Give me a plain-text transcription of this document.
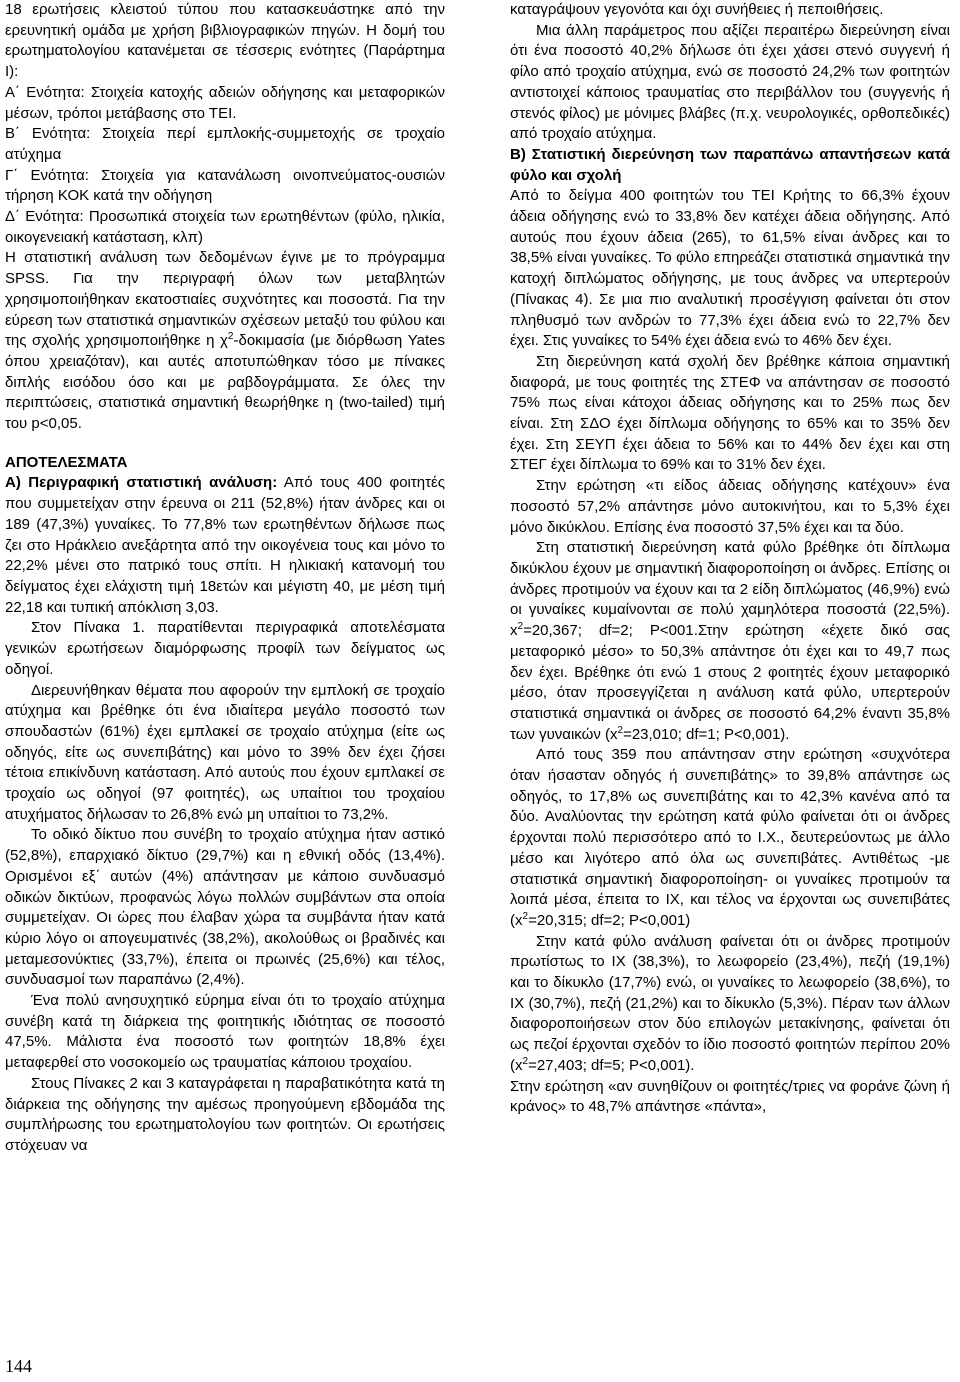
18 ερωτήσεις κλειστού τύπου που κατασκευάστηκε από την ερευνητική ομάδα με χρήση βιβλιογραφικών πηγών. Η δομή του ερωτηματολογίου κατανέμεται σε τέσσερις ενότητες (Παράρτημα Ι):

Α΄ Ενότητα: Στοιχεία κατοχής αδειών οδήγησης και μεταφορικών μέσων, τρόποι μετάβασης στο ΤΕΙ.

Β΄ Ενότητα: Στοιχεία περί εμπλοκής-συμμετοχής σε τροχαίο ατύχημα

Γ΄ Ενότητα: Στοιχεία για κατανάλωση οινοπνεύματος-ουσιών τήρηση ΚΟΚ κατά την οδήγηση

Δ΄ Ενότητα: Προσωπικά στοιχεία των ερωτηθέντων (φύλο, ηλικία, οικογενειακή κατάσταση, κλπ)

Η στατιστική ανάλυση των δεδομένων έγινε με το πρόγραμμα SPSS. Για την περιγραφή όλων των μεταβλητών χρησιμοποιήθηκαν εκατοστιαίες συχνότητες και ποσοστά. Για την εύρεση των στατιστικά σημαντικών σχέσεων μεταξύ του φύλου και της σχολής χρησιμοποιήθηκε η $\chi^2$-δοκιμασία (με διόρθωση Yates όπου χρειαζόταν), και αυτές αποτυπώθηκαν τόσο με πίνακες διπλής εισόδου όσο και με ραβδογράμματα. Σε όλες την περιπτώσεις, στατιστικά σημαντική θεωρήθηκε η (two-tailed) τιμή του p<0,05.

ΑΠΟΤΕΛΕΣΜΑΤΑ

Α) Περιγραφική στατιστική ανάλυση: Από τους 400 φοιτητές που συμμετείχαν στην έρευνα οι 211 (52,8%) ήταν άνδρες και οι 189 (47,3%) γυναίκες. Το 77,8% των ερωτηθέντων δήλωσε πως ζει στο Ηράκλειο ανεξάρτητα από την οικογένεια τους και μόνο το 22,2% μένει στο πατρικό τους σπίτι. Η ηλικιακή κατανομή του δείγματος έχει ελάχιστη τιμή 18ετών και μέγιστη 40, με μέση τιμή 22,18 και τυπική απόκλιση 3,03.

Στον Πίνακα 1. παρατίθενται περιγραφικά αποτελέσματα γενικών ερωτήσεων διαμόρφωσης προφίλ των δείγματος ως οδηγοί.

Διερευνήθηκαν θέματα που αφορούν την εμπλοκή σε τροχαίο ατύχημα και βρέθηκε ότι ένα ιδιαίτερα μεγάλο ποσοστό των σπουδαστών (61%) έχει εμπλακεί σε τροχαίο ατύχημα (είτε ως οδηγός, είτε ως συνεπιβάτης) και μόνο το 39% δεν έχει ζήσει τέτοια επικίνδυνη κατάσταση. Από αυτούς που έχουν εμπλακεί σε τροχαίο ως οδηγοί (97 φοιτητές), ως υπαίτιοι του τροχαίου ατυχήματος δήλωσαν το 26,8% ενώ μη υπαίτιοι το 73,2%.

Το οδικό δίκτυο που συνέβη το τροχαίο ατύχημα ήταν αστικό (52,8%), επαρχιακό δίκτυο (29,7%) και η εθνική οδός (13,4%). Ορισμένοι εξ΄ αυτών (4%) απάντησαν με κάποιο συνδυασμό οδικών δικτύων, προφανώς λόγω πολλών συμβάντων στα οποία συμμετείχαν. Οι ώρες που έλαβαν χώρα τα συμβάντα ήταν κατά κύριο λόγο οι απογευματινές (38,2%), ακολούθως οι βραδινές και μεταμεσονύκτιες (33,7%), έπειτα οι πρωινές (25,6%) και τέλος, συνδυασμοί των παραπάνω (2,4%).

Ένα πολύ ανησυχητικό εύρημα είναι ότι το τροχαίο ατύχημα συνέβη κατά τη διάρκεια της φοιτητικής ιδιότητας σε ποσοστό 47,5%. Μάλιστα ένα ποσοστό των φοιτητών 18,8% έχει μεταφερθεί στο νοσοκομείο ως τραυματίας κάποιου τροχαίου.

Στους Πίνακες 2 και 3 καταγράφεται η παραβατικότητα κατά τη διάρκεια της οδήγησης την αμέσως προηγούμενη εβδομάδα της συμπλήρωσης του ερωτηματολογίου των φοιτητών. Οι ερωτήσεις στόχευαν να

καταγράψουν γεγονότα και όχι συνήθειες ή πεποιθήσεις.

Μια άλλη παράμετρος που αξίζει περαιτέρω διερεύνηση είναι ότι ένα ποσοστό 40,2% δήλωσε ότι έχει χάσει στενό συγγενή ή φίλο από τροχαίο ατύχημα, ενώ σε ποσοστό 24,2% των φοιτητών αντιστοιχεί κάποιος τραυματίας στο περιβάλλον του (συγγενής ή στενός φίλος) με μόνιμες βλάβες (π.χ. νευρολογικές, ορθοπεδικές) από τροχαίο ατύχημα.

Β) Στατιστική διερεύνηση των παραπάνω απαντήσεων κατά φύλο και σχολή

Από το δείγμα 400 φοιτητών του ΤΕΙ Κρήτης το 66,3% έχουν άδεια οδήγησης ενώ το 33,8% δεν κατέχει άδεια οδήγησης. Από αυτούς που έχουν άδεια (265), το 61,5% είναι άνδρες και το 38,5% είναι γυναίκες. Το φύλο επηρεάζει στατιστικά σημαντικά την κατοχή διπλώματος οδήγησης, με τους άνδρες να υπερτερούν (Πίνακας 4). Σε μια πιο αναλυτική προσέγγιση φαίνεται ότι στον πληθυσμό των ανδρών το 77,3% έχει άδεια ενώ το 22,7% δεν έχει. Στις γυναίκες το 54% έχει άδεια ενώ το 46% δεν έχει.

Στη διερεύνηση κατά σχολή δεν βρέθηκε κάποια σημαντική διαφορά, με τους φοιτητές της ΣΤΕΦ να απάντησαν σε ποσοστό 75% πως είναι κάτοχοι άδειας οδήγησης και το 25% πως δεν είναι. Στη ΣΔΟ έχει δίπλωμα οδήγησης το 65% και το 35% δεν έχει. Στη ΣΕΥΠ έχει άδεια το 56% και το 44% δεν έχει και στη ΣΤΕΓ έχει δίπλωμα το 69% και το 31% δεν έχει.

Στην ερώτηση «τι είδος άδειας οδήγησης κατέχουν» ένα ποσοστό 57,2% απάντησε μόνο αυτοκινήτου, και το 5,3% έχει μόνο δικύκλου. Επίσης ένα ποσοστό 37,5% έχει και τα δύο.

Στη στατιστική διερεύνηση κατά φύλο βρέθηκε ότι δίπλωμα δικύκλου έχουν με σημαντική διαφοροποίηση οι άνδρες. Επίσης οι άνδρες προτιμούν να έχουν και τα 2 είδη διπλώματος (46,9%) ενώ οι γυναίκες κυμαίνονται σε πολύ χαμηλότερα ποσοστά (22,5%). $x^2=20,367$; df=2; P<001.Στην ερώτηση «έχετε δικό σας μεταφορικό μέσο» το 50,3% απάντησε ότι έχει και το 49,7 πως δεν έχει. Βρέθηκε ότι ενώ 1 στους 2 φοιτητές έχουν μεταφορικό μέσο, όταν προσεγγίζεται η ανάλυση κατά φύλο, υπερτερούν στατιστικά σημαντικά οι άνδρες σε ποσοστό 64,2% έναντι 35,8% των γυναικών ($x^2=23,010$; df=1; P<0,001).

Από τους 359 που απάντησαν στην ερώτηση «συχνότερα όταν ήσασταν οδηγός ή συνεπιβάτης» το 39,8% απάντησε ως οδηγός, το 17,8% ως συνεπιβάτης και το 42,3% κανένα από τα δύο. Αναλύοντας την ερώτηση κατά φύλο φαίνεται ότι οι άνδρες έρχονται πολύ περισσότερο από το Ι.Χ., δευτερεύοντως με άλλο μέσο και λιγότερο από όλα ως συνεπιβάτες. Αντιθέτως -με στατιστικά σημαντική διαφοροποίηση- οι γυναίκες προτιμούν τα λοιπά μέσα, έπειτα το ΙΧ, και τέλος να έρχονται ως συνεπιβάτες ($x^2=20,315$; df=2; P<0,001)

Στην κατά φύλο ανάλυση φαίνεται ότι οι άνδρες προτιμούν πρωτίστως το ΙΧ (38,3%), το λεωφορείο (23,4%), πεζή (19,1%) και το δίκυκλο (17,7%) ενώ, οι γυναίκες το λεωφορείο (38,6%), το ΙΧ (30,7%), πεζή (21,2%) και το δίκυκλο (5,3%). Πέραν των άλλων διαφοροποιήσεων στον δύο επιλογών μετακίνησης, φαίνεται ότι ως πεζοί έρχονται σχεδόν το ίδιο ποσοστό φοιτητών περίπου 20% ($x^2=27,403$; df=5; P<0,001).

Στην ερώτηση «αν συνηθίζουν οι φοιτητές/τριες να φοράνε ζώνη ή κράνος» το 48,7% απάντησε «πάντα»,

144
